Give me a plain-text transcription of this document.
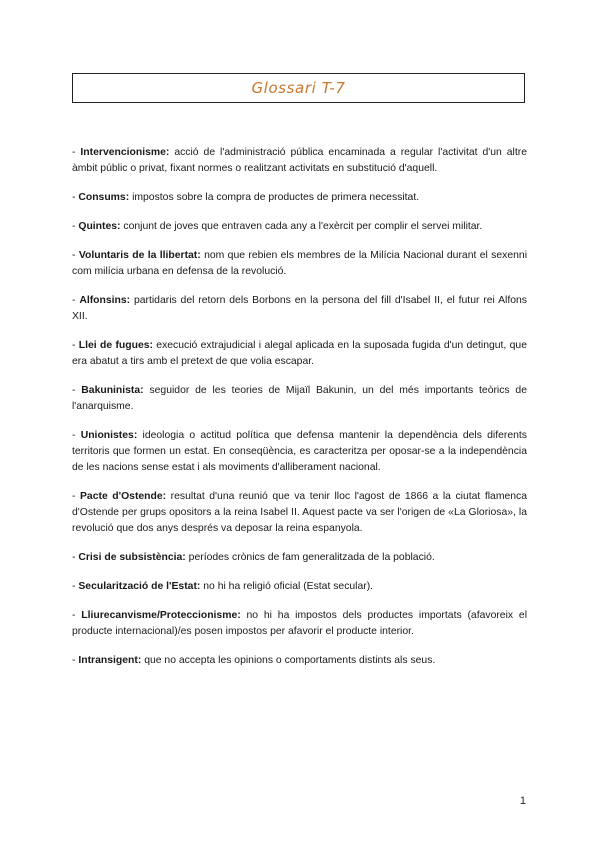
Glossari T-7

- Intervencionisme: acció de l'administració pública encaminada a regular l'activitat d'un altre àmbit públic o privat, fixant normes o realitzant activitats en substitució d'aquell.

- Consums: impostos sobre la compra de productes de primera necessitat.

- Quintes: conjunt de joves que entraven cada any a l'exèrcit per complir el servei militar.

- Voluntaris de la llibertat: nom que rebien els membres de la Milícia Nacional durant el sexenni com milícia urbana en defensa de la revolució.

- Alfonsins: partidaris del retorn dels Borbons en la persona del fill d'Isabel II, el futur rei Alfons XII.

- Llei de fugues: execució extrajudicial i alegal aplicada en la suposada fugida d'un detingut, que era abatut a tirs amb el pretext de que volia escapar.

- Bakuninista: seguidor de les teories de Mijaïl Bakunin, un del més importants teòrics de l'anarquisme.

- Unionistes: ideologia o actitud política que defensa mantenir la dependència dels diferents territoris que formen un estat. En conseqüència, es caracteritza per oposar-se a la independència de les nacions sense estat i als moviments d'alliberament nacional.

- Pacte d'Ostende: resultat d'una reunió que va tenir lloc l'agost de 1866 a la ciutat flamenca d'Ostende per grups opositors a la reina Isabel II. Aquest pacte va ser l'origen de «La Gloriosa», la revolució que dos anys després va deposar la reina espanyola.

- Crisi de subsistència: períodes crònics de fam generalitzada de la població.

- Secularització de l'Estat: no hi ha religió oficial (Estat secular).

- Lliurecanvisme/Proteccionisme: no hi ha impostos dels productes importats (afavoreix el producte internacional)/es posen impostos per afavorir el producte interior.

- Intransigent: que no accepta les opinions o comportaments distints als seus.

1
